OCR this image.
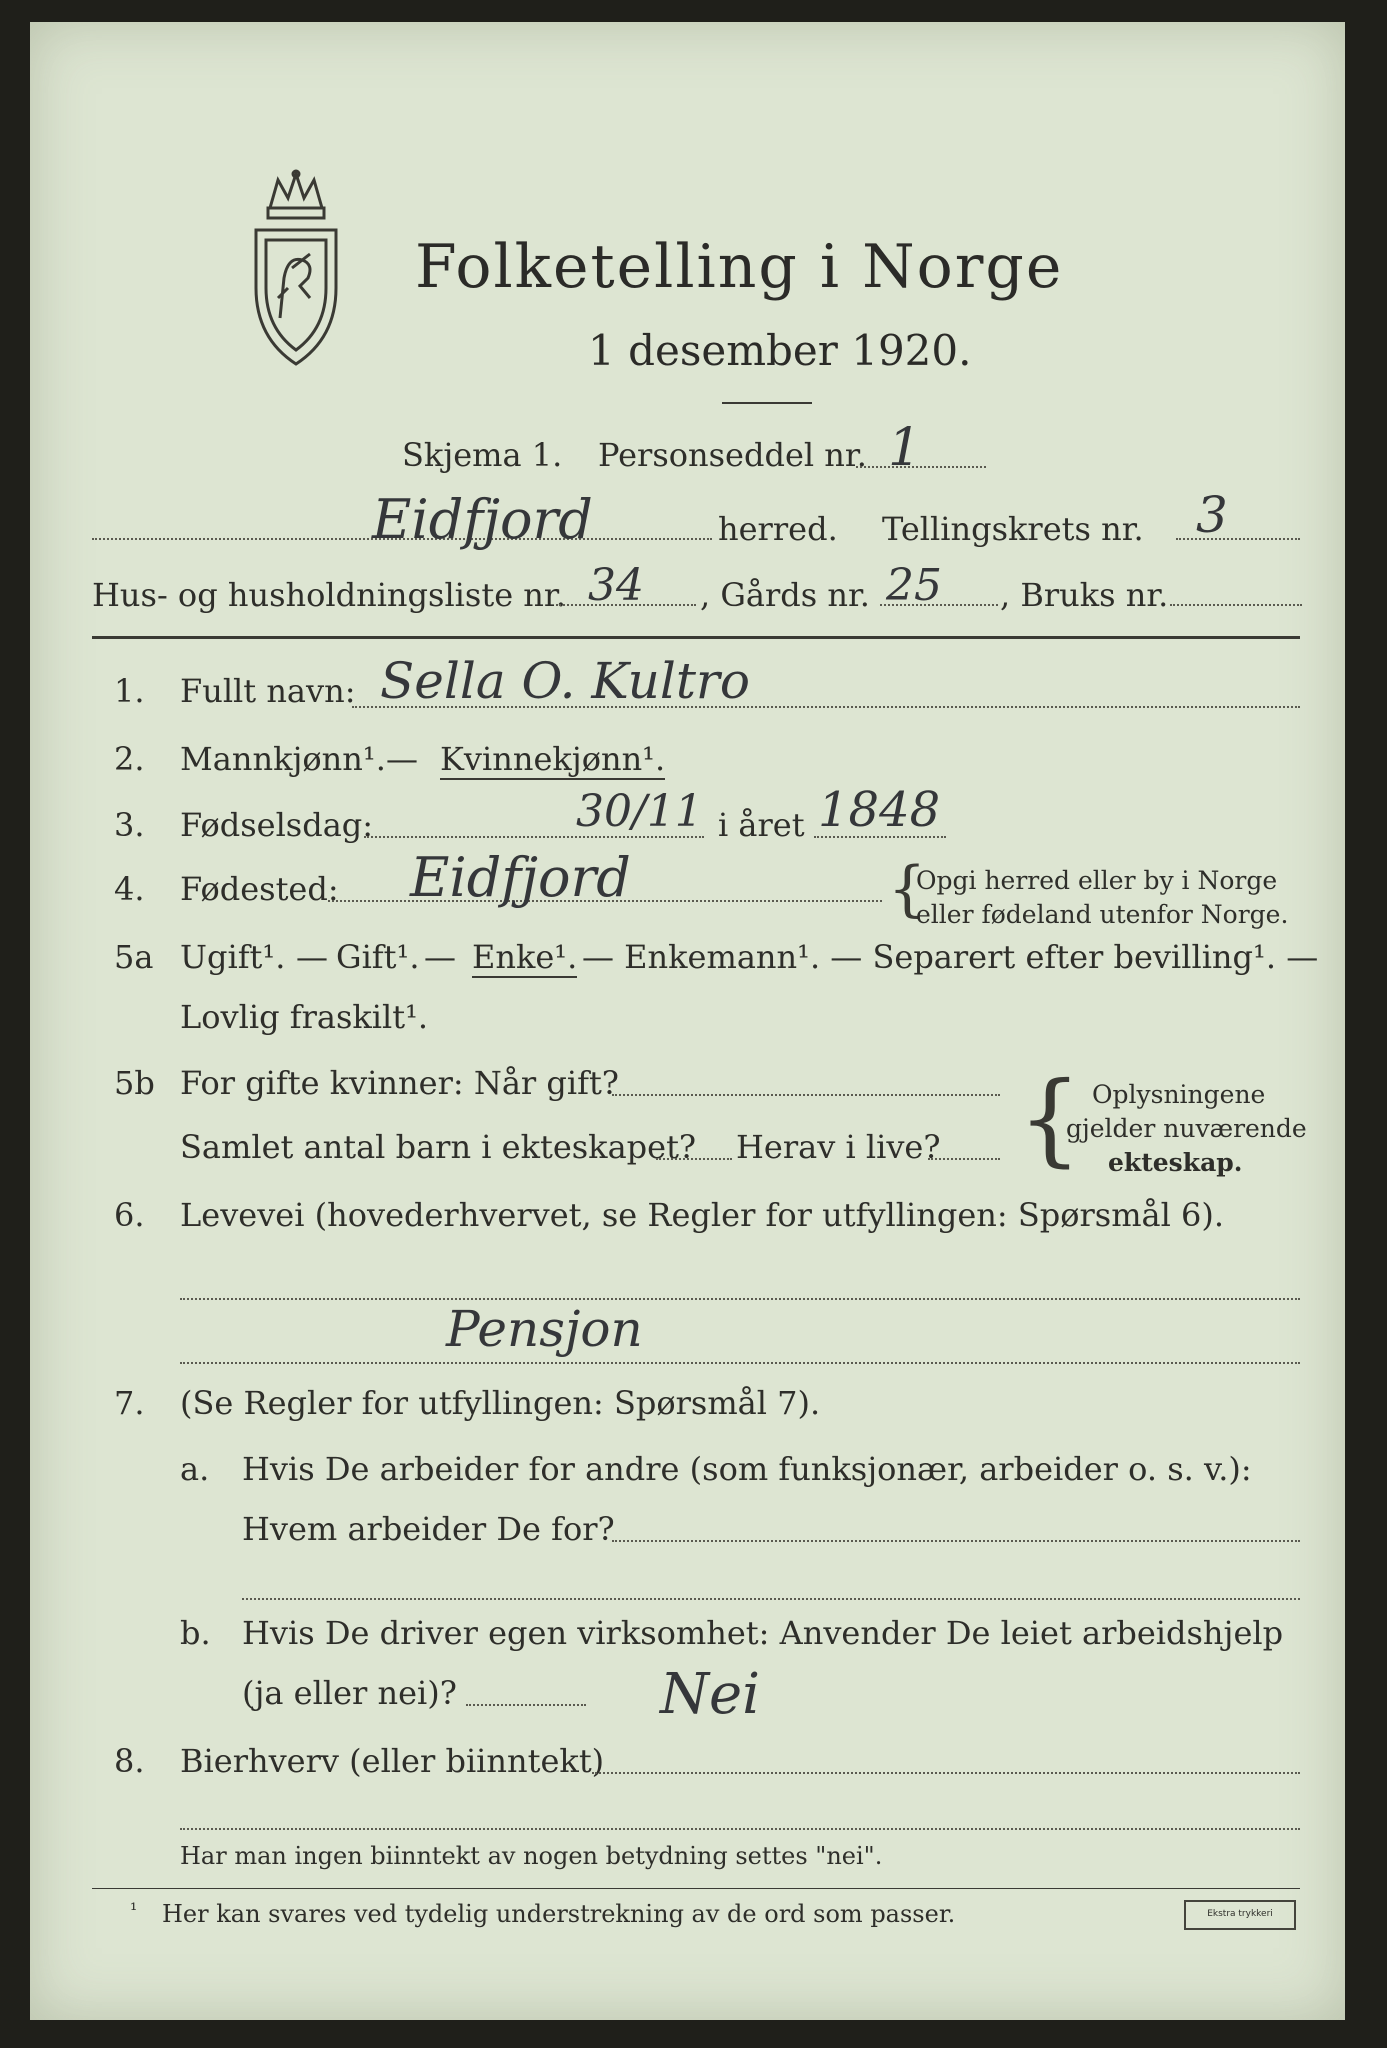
Folketelling i Norge
1 desember 1920.
Skjema 1. Personseddel nr. 1
Eidfjord	herred. Tellingskrets nr. 3
Hus- og husholdningsliste nr. 34 , Gårds nr. 25 , Bruks nr.
1. Fullt navn: Sella O. Kultro
2. Mannkjønn¹. — Kvinnekjønn¹.
3. Fødselsdag:	30/11 i året 1848
4. Fødested: Eidfjord	{
Opgi herred eller by i Norge
eller fødeland utenfor Norge.
5a Ugift¹. — Gift¹. — Enke¹. — Enkemann¹. — Separert efter bevilling¹. —
Lovlig fraskilt¹.
5b For gifte kvinner: Når gift?
Samlet antal barn i ekteskapet? Herav i live? { Oplysningene
gjelder nuværende
ekteskap.
6. Levevei (hovederhvervet, se Regler for utfyllingen: Spørsmål 6).
Pensjon
7. (Se Regler for utfyllingen: Spørsmål 7).
a. Hvis De arbeider for andre (som funksjonær, arbeider o. s. v.):
Hvem arbeider De for?
b. Hvis De driver egen virksomhet: Anvender De leiet arbeidshjelp
(ja eller nei)?	Nei
8. Bierhverv (eller biinntekt)
Har man ingen biinntekt av nogen betydning settes "nei".
¹ Her kan svares ved tydelig understrekning av de ord som passer.	Ekstra trykkeri
